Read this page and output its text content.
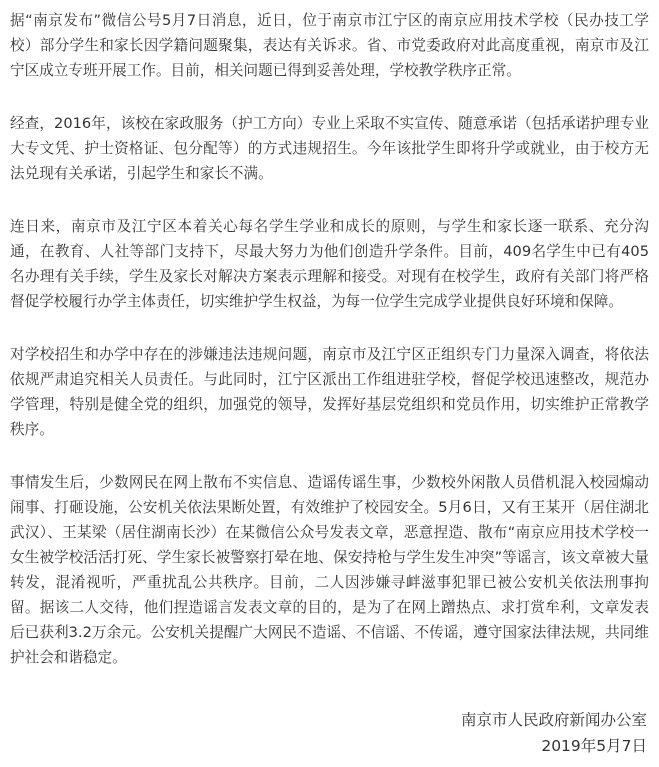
据“南京发布”微信公号5月7日消息，近日，位于南京市江宁区的南京应用技术学校（民办技工学校）部分学生和家长因学籍问题聚集，表达有关诉求。省、市党委政府对此高度重视，南京市及江宁区成立专班开展工作。目前，相关问题已得到妥善处理，学校教学秩序正常。

经查，2016年，该校在家政服务（护工方向）专业上采取不实宣传、随意承诺（包括承诺护理专业大专文凭、护士资格证、包分配等）的方式违规招生。今年该批学生即将升学或就业，由于校方无法兑现有关承诺，引起学生和家长不满。

连日来，南京市及江宁区本着关心每名学生学业和成长的原则，与学生和家长逐一联系、充分沟通，在教育、人社等部门支持下，尽最大努力为他们创造升学条件。目前，409名学生中已有405名办理有关手续，学生及家长对解决方案表示理解和接受。对现有在校学生，政府有关部门将严格督促学校履行办学主体责任，切实维护学生权益，为每一位学生完成学业提供良好环境和保障。

对学校招生和办学中存在的涉嫌违法违规问题，南京市及江宁区正组织专门力量深入调查，将依法依规严肃追究相关人员责任。与此同时，江宁区派出工作组进驻学校，督促学校迅速整改，规范办学管理，特别是健全党的组织，加强党的领导，发挥好基层党组织和党员作用，切实维护正常教学秩序。

事情发生后，少数网民在网上散布不实信息、造谣传谣生事，少数校外闲散人员借机混入校园煽动闹事、打砸设施，公安机关依法果断处置，有效维护了校园安全。5月6日，又有王某开（居住湖北武汉）、王某梁（居住湖南长沙）在某微信公众号发表文章，恶意捏造、散布“南京应用技术学校一女生被学校活活打死、学生家长被警察打晕在地、保安持枪与学生发生冲突”等谣言，该文章被大量转发，混淆视听，严重扰乱公共秩序。目前，二人因涉嫌寻衅滋事犯罪已被公安机关依法刑事拘留。据该二人交待，他们捏造谣言发表文章的目的，是为了在网上蹭热点、求打赏牟利，文章发表后已获利3.2万余元。公安机关提醒广大网民不造谣、不信谣、不传谣，遵守国家法律法规，共同维护社会和谐稳定。

南京市人民政府新闻办公室
2019年5月7日
